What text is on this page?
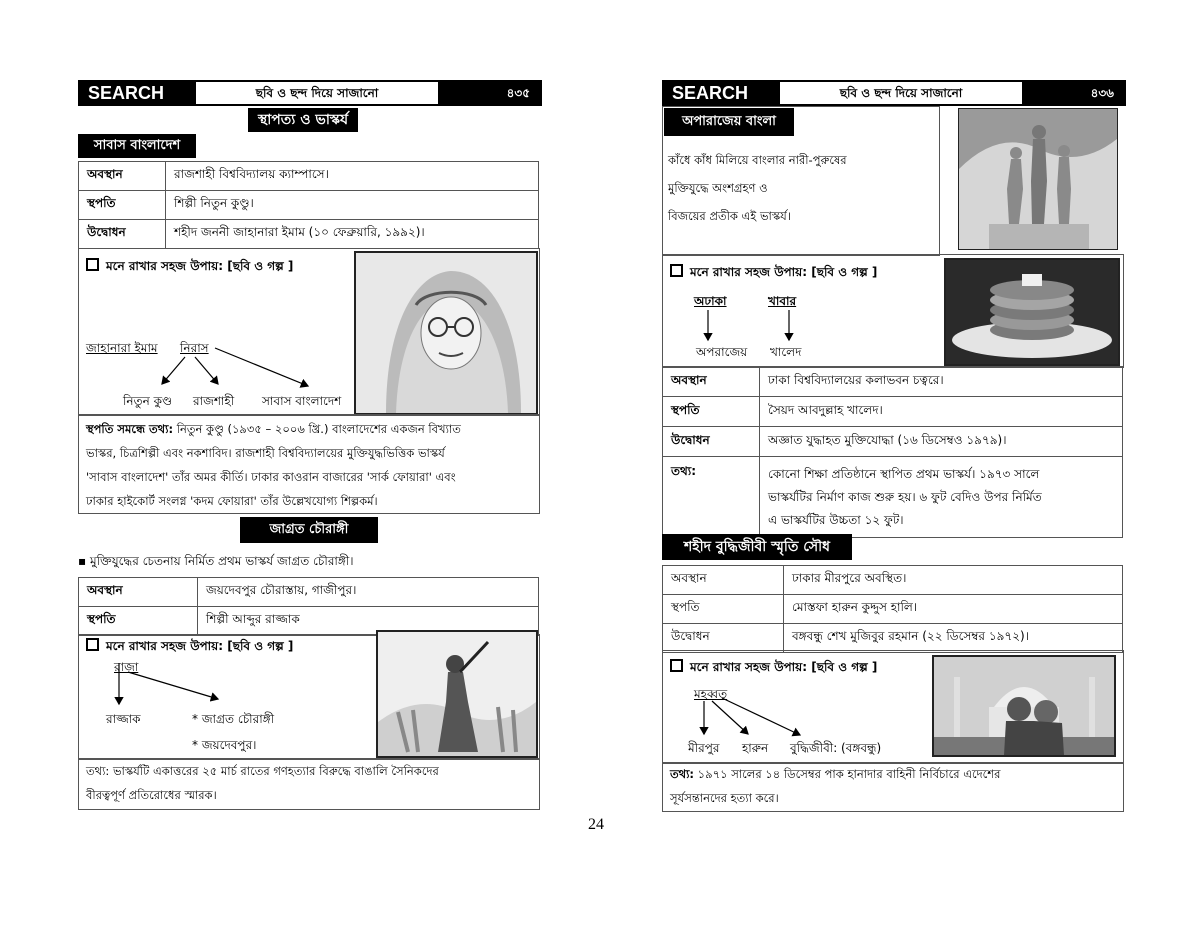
SEARCH	ছবি ও ছন্দ দিয়ে সাজানো	৪৩৫
স্থাপত্য ও ভাস্কর্য
সাবাস বাংলাদেশ
অবস্থান	রাজশাহী বিশ্ববিদ্যালয় ক্যাম্পাসে।
স্থপতি	শিল্পী নিতুন কুণ্ডু।
উদ্বোধন	শহীদ জননী জাহানারা ইমাম (১০ ফেব্রুয়ারি, ১৯৯২)।
মনে রাখার সহজ উপায়: [ছবি ও গল্প ]
জাহানারা ইমাম নিরাস
নিতুন কুণ্ড রাজশাহী সাবাস বাংলাদেশ
স্থপতি সমন্ধে তথ্য: নিতুন কুণ্ডু (১৯৩৫ – ২০০৬ খ্রি.) বাংলাদেশের একজন বিখ্যাত
ভাস্কর, চিত্রশিল্পী এবং নকশাবিদ। রাজশাহী বিশ্ববিদ্যালয়ের মুক্তিযুদ্ধভিত্তিক ভাস্কর্য
'সাবাস বাংলাদেশ' তাঁর অমর কীর্তি। ঢাকার কাওরান বাজারের 'সার্ক ফোয়ারা' এবং
ঢাকার হাইকোর্ট সংলগ্ন 'কদম ফোয়ারা' তাঁর উল্লেখযোগ্য শিল্পকর্ম।
জাগ্রত চৌরাঙ্গী
▪ মুক্তিযুদ্ধের চেতনায় নির্মিত প্রথম ভাস্কর্য জাগ্রত চৌরাঙ্গী।
অবস্থান	জয়দেবপুর চৌরাস্তায়, গাজীপুর।
স্থপতি	শিল্পী আব্দুর রাজ্জাক
মনে রাখার সহজ উপায়: [ছবি ও গল্প ]
রাজা
রাজ্জাক	* জাগ্রত চৌরাঙ্গী
* জয়দেবপুর।
তথ্য: ভাস্কর্যটি একাত্তরের ২৫ মার্চ রাতের গণহত্যার বিরুদ্ধে বাঙালি সৈনিকদের
বীরত্বপূর্ণ প্রতিরোধের স্মারক।
SEARCH	ছবি ও ছন্দ দিয়ে সাজানো	৪৩৬
অপারাজেয় বাংলা
কাঁধে কাঁধ মিলিয়ে বাংলার নারী-পুরুষের
মুক্তিযুদ্ধে অংশগ্রহণ ও
বিজয়ের প্রতীক এই ভাস্কর্য।
মনে রাখার সহজ উপায়: [ছবি ও গল্প ]
অঢাকা	খাবার
অপরাজেয় খালেদ
অবস্থান	ঢাকা বিশ্ববিদ্যালয়ের কলাভবন চত্বরে।
স্থপতি	সৈয়দ আবদুল্লাহ খালেদ।
উদ্বোধন	অজ্ঞাত যুদ্ধাহত মুক্তিযোদ্ধা (১৬ ডিসেম্বও ১৯৭৯)।
তথ্য:	কোনো শিক্ষা প্রতিষ্ঠানে স্থাপিত প্রথম ভাস্কর্য। ১৯৭৩ সালে
ভাস্কর্যটির নির্মাণ কাজ শুরু হয়। ৬ ফুট বেদিও উপর নির্মিত
এ ভাস্কর্যটির উচ্চতা ১২ ফুট।
শহীদ বুদ্ধিজীবী স্মৃতি সৌধ
অবস্থান	ঢাকার মীরপুরে অবস্থিত।
স্থপতি	মোস্তফা হারুন কুদ্দুস হালি।
উদ্বোধন	বঙ্গবন্ধু শেখ মুজিবুর রহমান (২২ ডিসেম্বর ১৯৭২)।
মনে রাখার সহজ উপায়: [ছবি ও গল্প ]
মহব্বত
মীরপুর হারুন বুদ্ধিজীবী: (বঙ্গবন্ধু)
তথ্য: ১৯৭১ সালের ১৪ ডিসেম্বর পাক হানাদার বাহিনী নির্বিচারে এদেশের
সূর্যসন্তানদের হত্যা করে।
24
